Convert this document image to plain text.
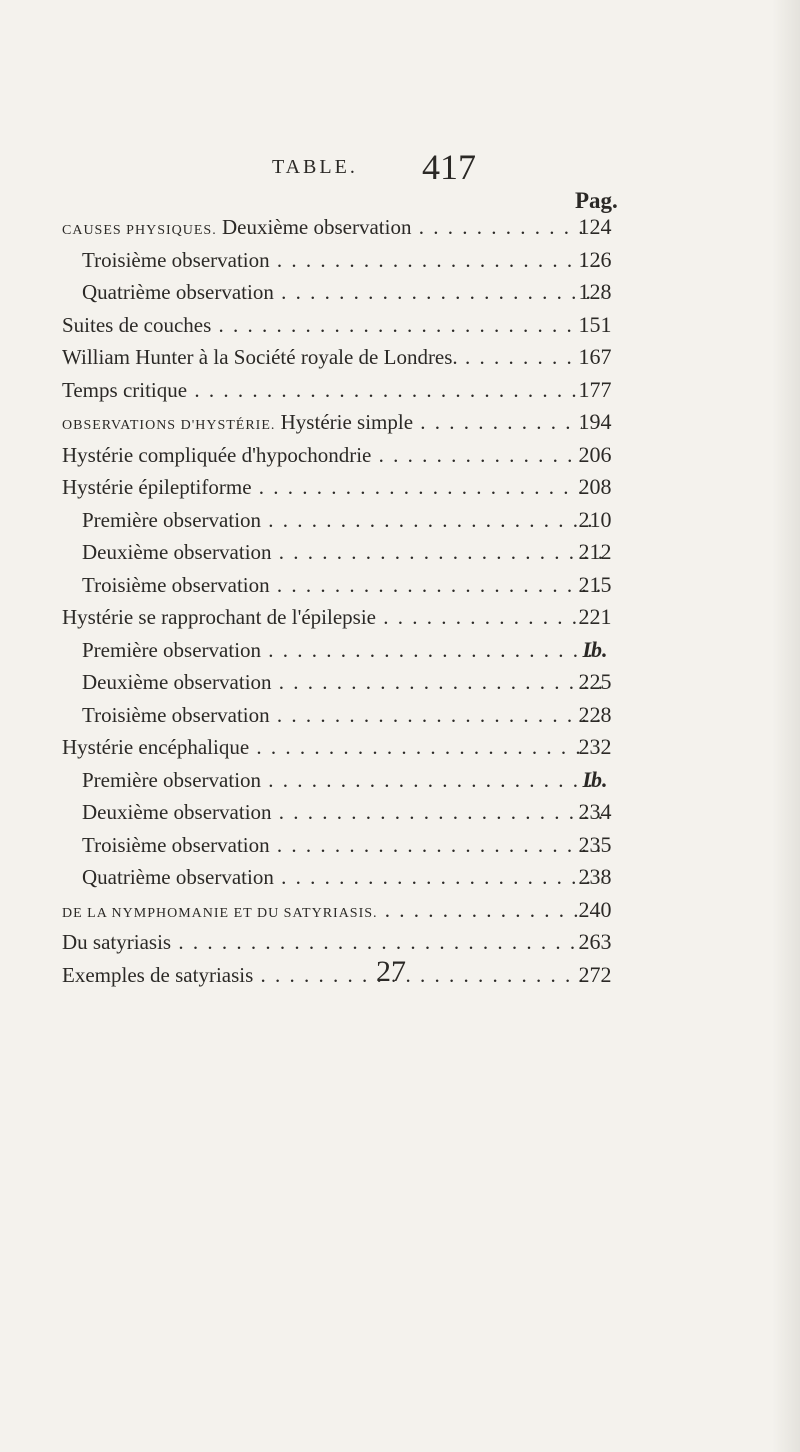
TABLE. 417
Pag.
CAUSES PHYSIQUES. Deuxième observation . . .	124
Troisième observation . . .	126
Quatrième observation . . .	128
Suites de couches . . .	151
William Hunter à la Société royale de Londres. . . .	167
Temps critique . . .	177
OBSERVATIONS D'HYSTÉRIE. Hystérie simple . . .	194
Hystérie compliquée d'hypochondrie . . .	206
Hystérie épileptiforme . . .	208
Première observation . . .	210
Deuxième observation . . .	212
Troisième observation . . .	215
Hystérie se rapprochant de l'épilepsie . . .	221
Première observation . . .	Ib.
Deuxième observation . . .	225
Troisième observation . . .	228
Hystérie encéphalique . . .	232
Première observation . . .	Ib.
Deuxième observation . . .	234
Troisième observation . . .	235
Quatrième observation . . .	238
DE LA NYMPHOMANIE ET DU SATYRIASIS. . . .	240
Du satyriasis . . .	263
Exemples de satyriasis . . .	272
27
